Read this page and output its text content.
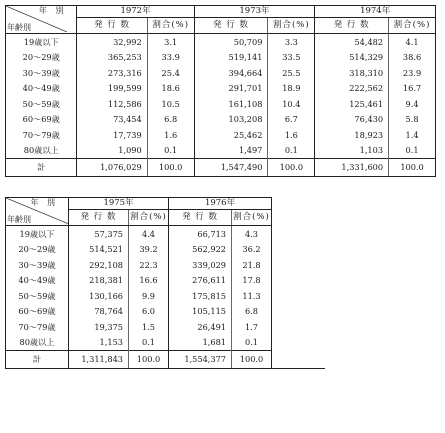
年 別
年齢別	1972年		1973年		1974年	
	発 行 数	割合(%)	発 行 数	割合(%)	発 行 数	割合(%)
19歳以下	32,992	3.1	50,709	3.3	54,482	4.1
20〜29歳	365,253	33.9	519,141	33.5	514,329	38.6
30〜39歳	273,316	25.4	394,664	25.5	318,310	23.9
40〜49歳	199,599	18.6	291,701	18.9	222,562	16.7
50〜59歳	112,586	10.5	161,108	10.4	125,461	9.4
60〜69歳	73,454	6.8	103,208	6.7	76,430	5.8
70〜79歳	17,739	1.6	25,462	1.6	18,923	1.4
80歳以上	1,090	0.1	1,497	0.1	1,103	0.1
計	1,076,029	100.0	1,547,490	100.0	1,331,600	100.0
年 別
年齢別	1975年		1976年		
	発 行 数	割合(%)	発 行 数	割合(%)	
19歳以下	57,375	4.4	66,713	4.3	
20〜29歳	514,521	39.2	562,922	36.2	
30〜39歳	292,108	22.3	339,029	21.8	
40〜49歳	218,381	16.6	276,611	17.8	
50〜59歳	130,166	9.9	175,815	11.3	
60〜69歳	78,764	6.0	105,115	6.8	
70〜79歳	19,375	1.5	26,491	1.7	
80歳以上	1,153	0.1	1,681	0.1	
計	1,311,843	100.0	1,554,377	100.0	
